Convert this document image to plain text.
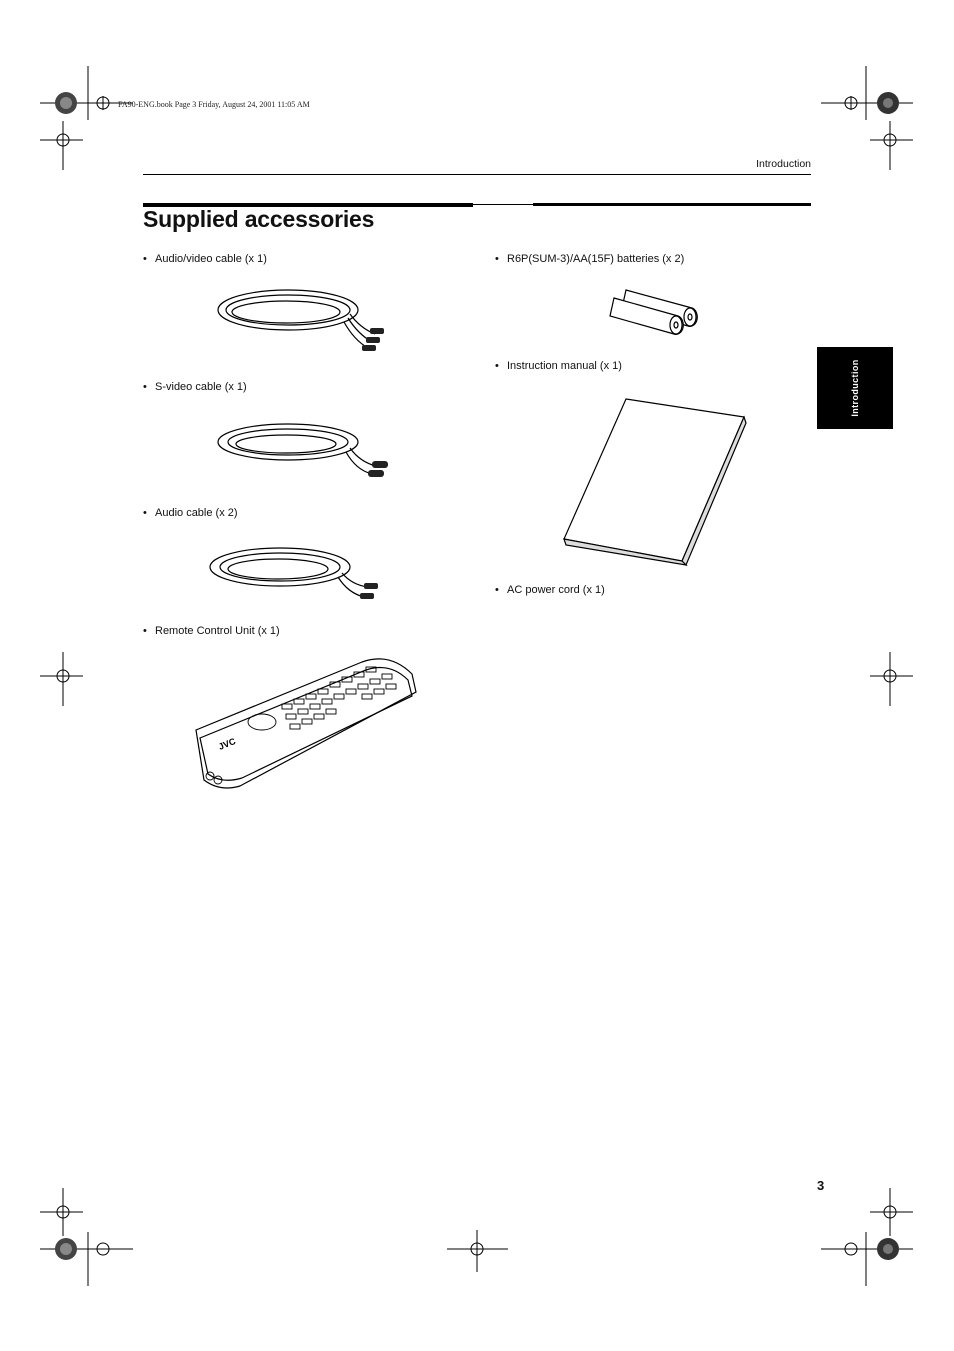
FA90-ENG.book Page 3 Friday, August 24, 2001 11:05 AM
Introduction
Supplied accessories
Introduction
• Audio/video cable (x 1)
• S-video cable (x 1)
• Audio cable (x 2)
• Remote Control Unit (x 1)
JVC
• R6P(SUM-3)/AA(15F) batteries (x 2)
• Instruction manual (x 1)
• AC power cord (x 1)
3
